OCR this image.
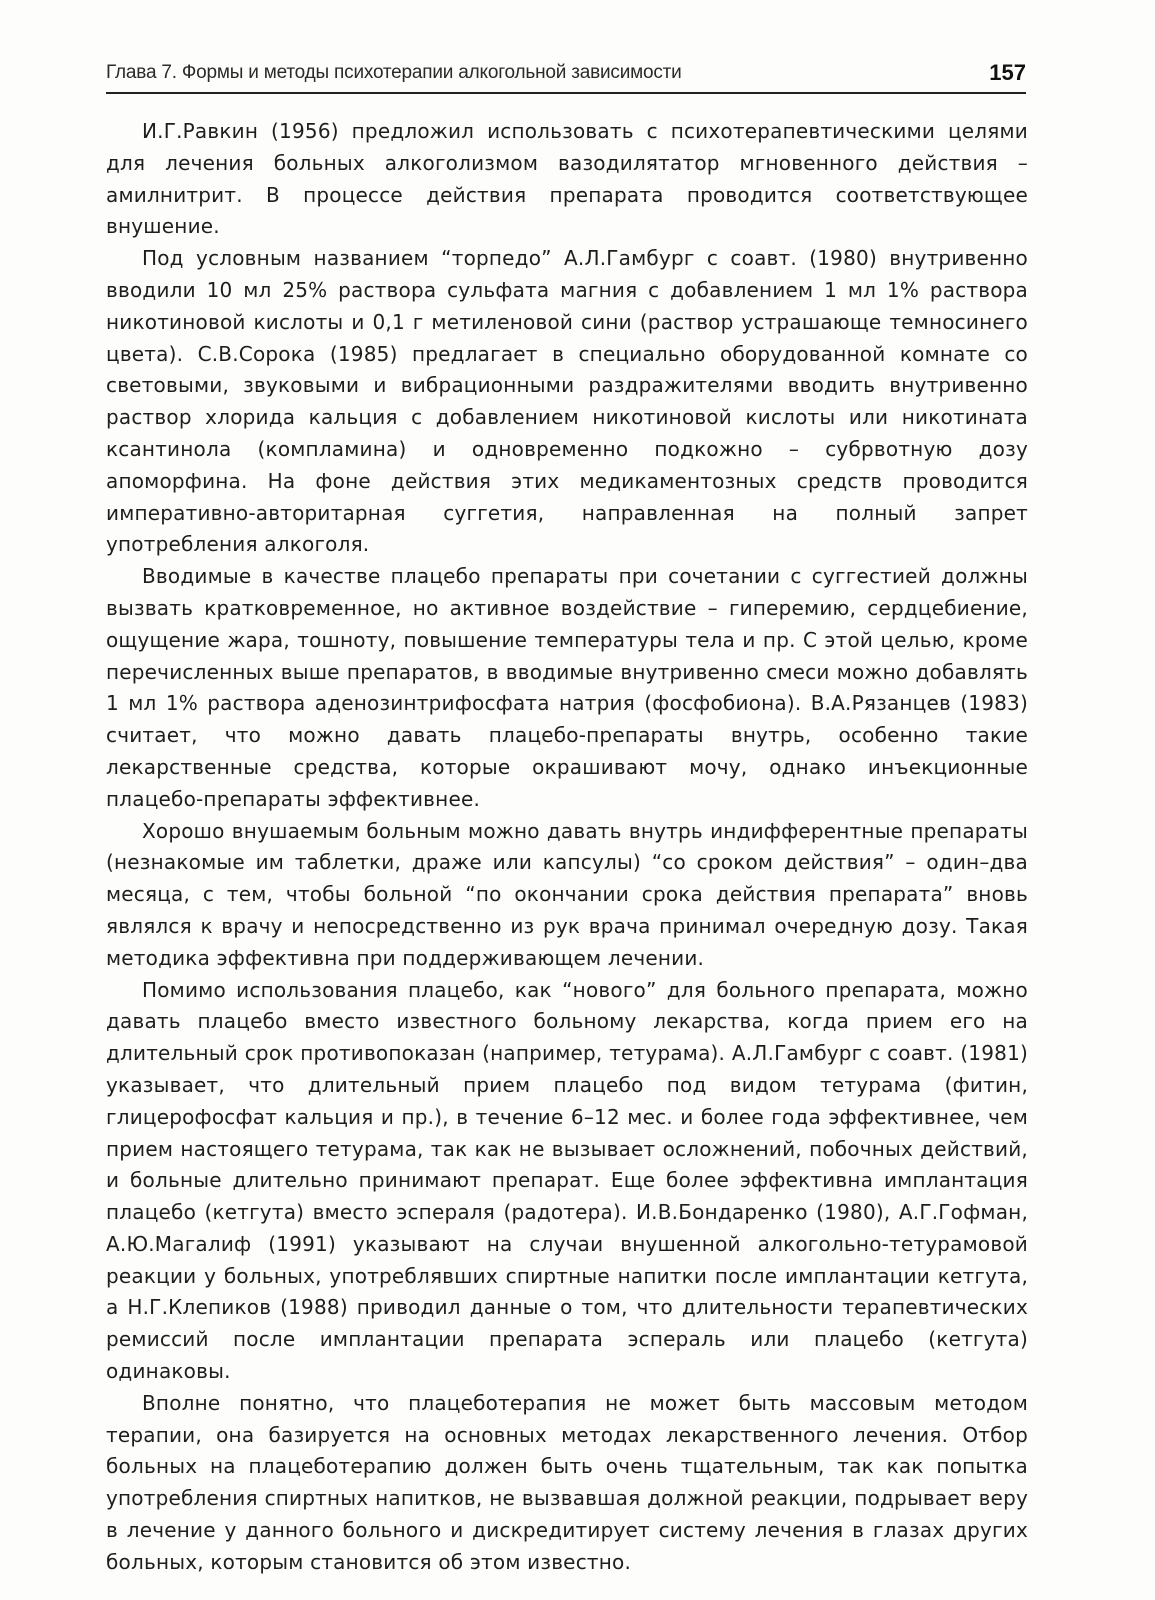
Глава 7. Формы и методы психотерапии алкогольной зависимости	157

И.Г.Равкин (1956) предложил использовать с психотерапевтическими целями для лечения больных алкоголизмом вазодилятатор мгновенного действия – амилнитрит. В процессе действия препарата проводится соответствующее внушение.

Под условным названием “торпедо” А.Л.Гамбург с соавт. (1980) внутривенно вводили 10 мл 25% раствора сульфата магния с добавлением 1 мл 1% раствора никотиновой кислоты и 0,1 г метиленовой сини (раствор устрашающе темносинего цвета). С.В.Сорока (1985) предлагает в специально оборудованной комнате со световыми, звуковыми и вибрационными раздражителями вводить внутривенно раствор хлорида кальция с добавлением никотиновой кислоты или никотината ксантинола (компламина) и одновременно подкожно – субрвотную дозу апоморфина. На фоне действия этих медикаментозных средств проводится императивно-авторитарная суггетия, направленная на полный запрет употребления алкоголя.

Вводимые в качестве плацебо препараты при сочетании с суггестией должны вызвать кратковременное, но активное воздействие – гиперемию, сердцебиение, ощущение жара, тошноту, повышение температуры тела и пр. С этой целью, кроме перечисленных выше препаратов, в вводимые внутривенно смеси можно добавлять 1 мл 1% раствора аденозинтрифосфата натрия (фосфобиона). В.А.Рязанцев (1983) считает, что можно давать плацебо-препараты внутрь, особенно такие лекарственные средства, которые окрашивают мочу, однако инъекционные плацебо-препараты эффективнее.

Хорошо внушаемым больным можно давать внутрь индифферентные препараты (незнакомые им таблетки, драже или капсулы) “со сроком действия” – один–два месяца, с тем, чтобы больной “по окончании срока действия препарата” вновь являлся к врачу и непосредственно из рук врача принимал очередную дозу. Такая методика эффективна при поддерживающем лечении.

Помимо использования плацебо, как “нового” для больного препарата, можно давать плацебо вместо известного больному лекарства, когда прием его на длительный срок противопоказан (например, тетурама). А.Л.Гамбург с соавт. (1981) указывает, что длительный прием плацебо под видом тетурама (фитин, глицерофосфат кальция и пр.), в течение 6–12 мес. и более года эффективнее, чем прием настоящего тетурама, так как не вызывает осложнений, побочных действий, и больные длительно принимают препарат. Еще более эффективна имплантация плацебо (кетгута) вместо эспераля (радотера). И.В.Бондаренко (1980), А.Г.Гофман, А.Ю.Магалиф (1991) указывают на случаи внушенной алкогольно-тетурамовой реакции у больных, употреблявших спиртные напитки после имплантации кетгута, а Н.Г.Клепиков (1988) приводил данные о том, что длительности терапевтических ремиссий после имплантации препарата эспераль или плацебо (кетгута) одинаковы.

Вполне понятно, что плацеботерапия не может быть массовым методом терапии, она базируется на основных методах лекарственного лечения. Отбор больных на плацеботерапию должен быть очень тщательным, так как попытка употребления спиртных напитков, не вызвавшая должной реакции, подрывает веру в лечение у данного больного и дискредитирует систему лечения в глазах других больных, которым становится об этом известно.
